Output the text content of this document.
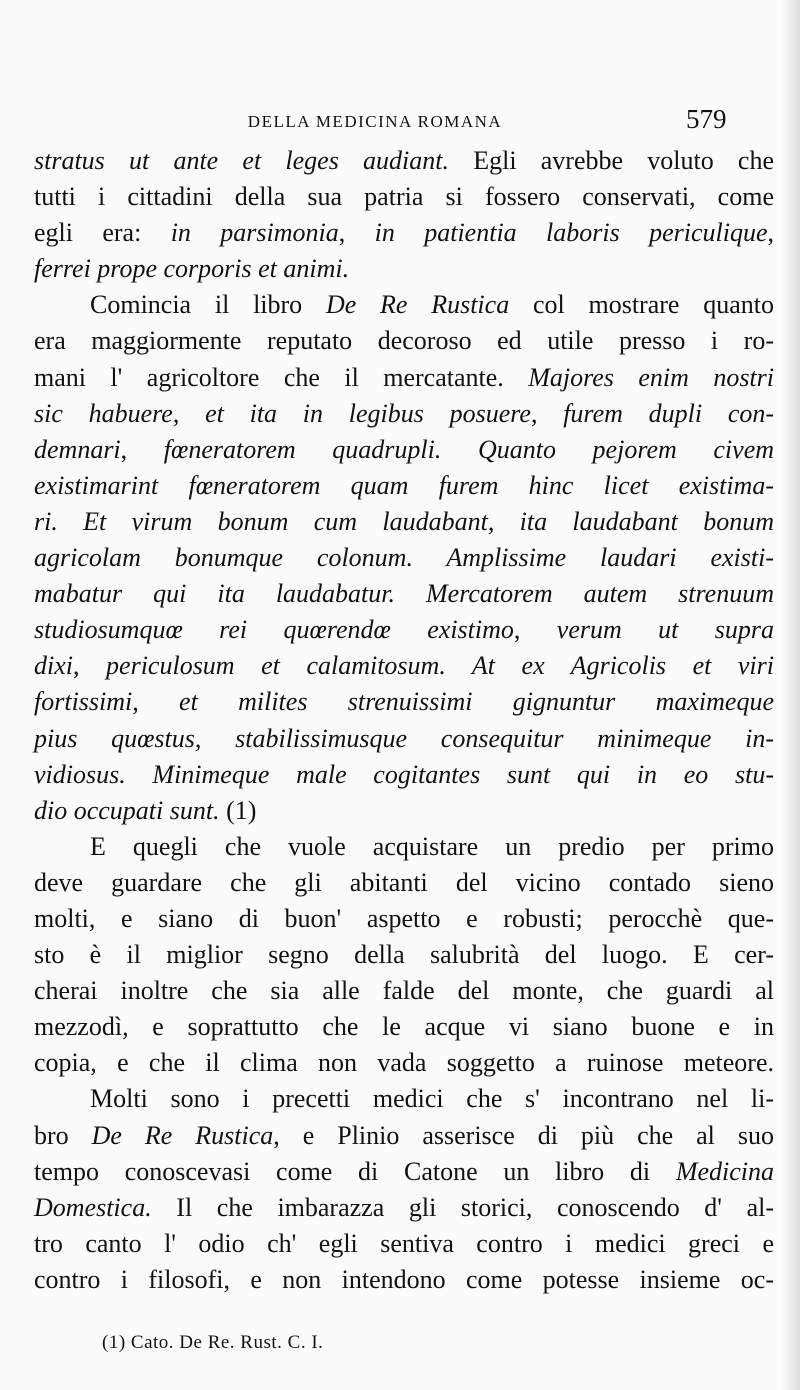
DELLA MEDICINA ROMANA	579
stratus ut ante et leges audiant. Egli avrebbe voluto che
tutti i cittadini della sua patria si fossero conservati, come
egli era: in parsimonia, in patientia laboris periculique,
ferrei prope corporis et animi.
Comincia il libro De Re Rustica col mostrare quanto
era maggiormente reputato decoroso ed utile presso i ro-
mani l' agricoltore che il mercatante. Majores enim nostri
sic habuere, et ita in legibus posuere, furem dupli con-
demnari, fœneratorem quadrupli. Quanto pejorem civem
existimarint fœneratorem quam furem hinc licet existima-
ri. Et virum bonum cum laudabant, ita laudabant bonum
agricolam bonumque colonum. Amplissime laudari existi-
mabatur qui ita laudabatur. Mercatorem autem strenuum
studiosumquœ rei quœrendœ existimo, verum ut supra
dixi, periculosum et calamitosum. At ex Agricolis et viri
fortissimi, et milites strenuissimi gignuntur maximeque
pius quœstus, stabilissimusque consequitur minimeque in-
vidiosus. Minimeque male cogitantes sunt qui in eo stu-
dio occupati sunt. (1)
E quegli che vuole acquistare un predio per primo
deve guardare che gli abitanti del vicino contado sieno
molti, e siano di buon' aspetto e robusti; perocchè que-
sto è il miglior segno della salubrità del luogo. E cer-
cherai inoltre che sia alle falde del monte, che guardi al
mezzodì, e soprattutto che le acque vi siano buone e in
copia, e che il clima non vada soggetto a ruinose meteore.
Molti sono i precetti medici che s' incontrano nel li-
bro De Re Rustica, e Plinio asserisce di più che al suo
tempo conoscevasi come di Catone un libro di Medicina
Domestica. Il che imbarazza gli storici, conoscendo d' al-
tro canto l' odio ch' egli sentiva contro i medici greci e
contro i filosofi, e non intendono come potesse insieme oc-
(1) Cato. De Re. Rust. C. I.
